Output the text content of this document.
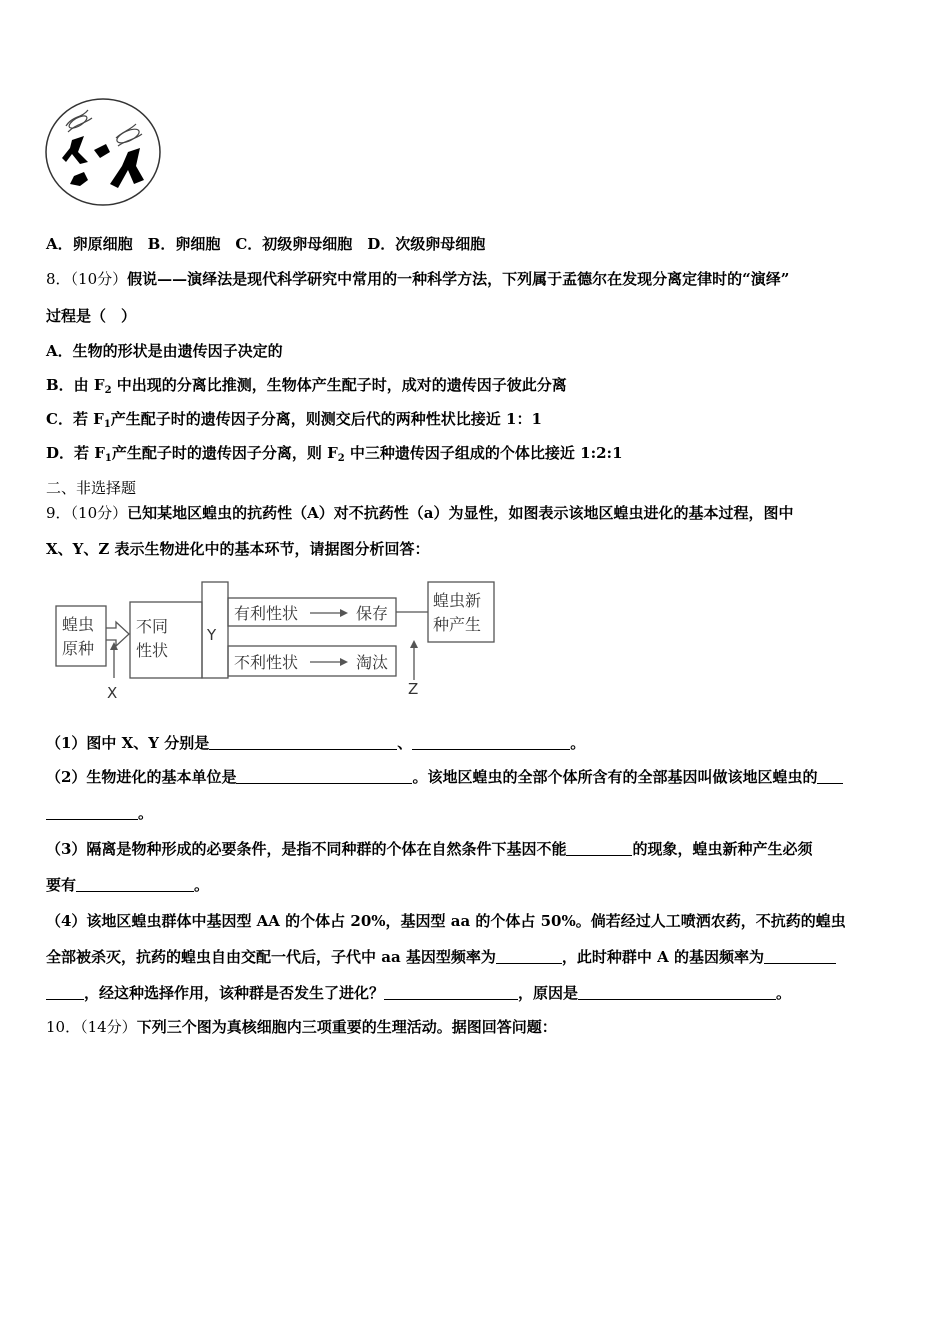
A．卵原细胞　B．卵细胞　C．初级卵母细胞　D．次级卵母细胞
8．（10分）假说——演绎法是现代科学研究中常用的一种科学方法，下列属于孟德尔在发现分离定律时的“演绎”
过程是（　）
A．生物的形状是由遗传因子决定的
B．由 $F_2$ 中出现的分离比推测，生物体产生配子时，成对的遗传因子彼此分离
C．若 $F_1$产生配子时的遗传因子分离，则测交后代的两种性状比接近 1：1
D．若 $F_1$产生配子时的遗传因子分离，则 $F_2$ 中三种遗传因子组成的个体比接近 1:2:1
二、非选择题
9．（10分）已知某地区蝗虫的抗药性（A）对不抗药性（a）为显性，如图表示该地区蝗虫进化的基本过程，图中
X、Y、Z 表示生物进化中的基本环节，请据图分析回答：
蝗虫
原种
不同
性状
Y
有利性状	保存
不利性状	淘汰
蝗虫新
种产生
X	Z
（1）图中 X、Y 分别是	、	。
（2）生物进化的基本单位是	。该地区蝗虫的全部个体所含有的全部基因叫做该地区蝗虫的
。
（3）隔离是物种形成的必要条件，是指不同种群的个体在自然条件下基因不能	的现象，蝗虫新种产生必须
要有	。
（4）该地区蝗虫群体中基因型 AA 的个体占 20%，基因型 aa 的个体占 50%。倘若经过人工喷洒农药，不抗药的蝗虫
全部被杀灭，抗药的蝗虫自由交配一代后，子代中 aa 基因型频率为	，此时种群中 A 的基因频率为
，经这种选择作用，该种群是否发生了进化？	，原因是	。
10．（14分）下列三个图为真核细胞内三项重要的生理活动。据图回答问题：
